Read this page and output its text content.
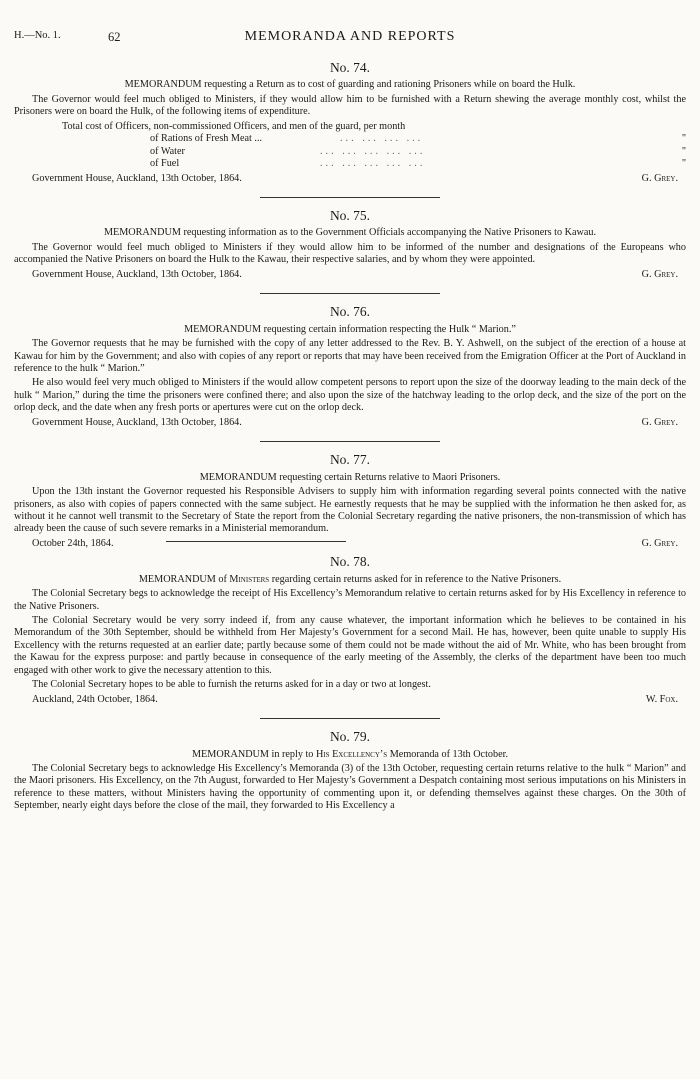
H.—No. 1.	62	MEMORANDA AND REPORTS
No. 74.

MEMORANDUM requesting a Return as to cost of guarding and rationing Prisoners while on board the Hulk.

The Governor would feel much obliged to Ministers, if they would allow him to be furnished with a Return shewing the average monthly cost, whilst the Prisoners were on board the Hulk, of the following items of expenditure.

Total cost of Officers, non-commissioned Officers, and men of the guard, per month
of Rations of Fresh Meat ...	... ... ... ...	"
of Water	... ... ... ... ...	"
of Fuel	... ... ... ... ...	"
Government House, Auckland, 13th October, 1864.	G. Grey.
No. 75.

MEMORANDUM requesting information as to the Government Officials accompanying the Native Prisoners to Kawau.

The Governor would feel much obliged to Ministers if they would allow him to be informed of the number and designations of the Europeans who accompanied the Native Prisoners on board the Hulk to the Kawau, their respective salaries, and by whom they were appointed.

Government House, Auckland, 13th October, 1864.	G. Grey.
No. 76.

MEMORANDUM requesting certain information respecting the Hulk “ Marion.”

The Governor requests that he may be furnished with the copy of any letter addressed to the Rev. B. Y. Ashwell, on the subject of the erection of a house at Kawau for him by the Government; and also with copies of any report or reports that may have been received from the Emigration Officer at the Port of Auckland in reference to the hulk “ Marion.”

He also would feel very much obliged to Ministers if the would allow competent persons to report upon the size of the doorway leading to the main deck of the hulk “ Marion,” during the time the prisoners were confined there; and also upon the size of the hatchway leading to the orlop deck, and the size of the port on the orlop deck, and the date when any fresh ports or apertures were cut on the orlop deck.

Government House, Auckland, 13th October, 1864.	G. Grey.
No. 77.

MEMORANDUM requesting certain Returns relative to Maori Prisoners.

Upon the 13th instant the Governor requested his Responsible Advisers to supply him with information regarding several points connected with the native prisoners, as also with copies of papers connected with the same subject. He earnestly requests that he may be supplied with the information he then asked for, as without it he cannot well transmit to the Secretary of State the report from the Colonial Secretary regarding the native prisoners, the non-transmission of which has already been the cause of such severe remarks in a Ministerial memorandum.

October 24th, 1864.	G. Grey.
No. 78.

MEMORANDUM of Ministers regarding certain returns asked for in reference to the Native Prisoners.

The Colonial Secretary begs to acknowledge the receipt of His Excellency’s Memorandum relative to certain returns asked for by His Excellency in reference to the Native Prisoners.

The Colonial Secretary would be very sorry indeed if, from any cause whatever, the important information which he believes to be contained in his Memorandum of the 30th September, should be withheld from Her Majesty’s Government for a second Mail. He has, however, been quite unable to supply His Excellency with the returns requested at an earlier date; partly because some of them could not be made without the aid of Mr. White, who has been brought from the Kawau for the express purpose: and partly because in consequence of the early meeting of the Assembly, the clerks of the department have been too much engaged with other work to give the necessary attention to this.

The Colonial Secretary hopes to be able to furnish the returns asked for in a day or two at longest.

Auckland, 24th October, 1864.	W. Fox.
No. 79.

MEMORANDUM in reply to His Excellency’s Memoranda of 13th October.

The Colonial Secretary begs to acknowledge His Excellency’s Memoranda (3) of the 13th October, requesting certain returns relative to the hulk “ Marion” and the Maori prisoners. His Excellency, on the 7th August, forwarded to Her Majesty’s Government a Despatch containing most serious imputations on his Ministers in reference to these matters, without Ministers having the opportunity of commenting upon it, or defending themselves against these charges. On the 30th of September, nearly eight days before the close of the mail, they forwarded to His Excellency a
